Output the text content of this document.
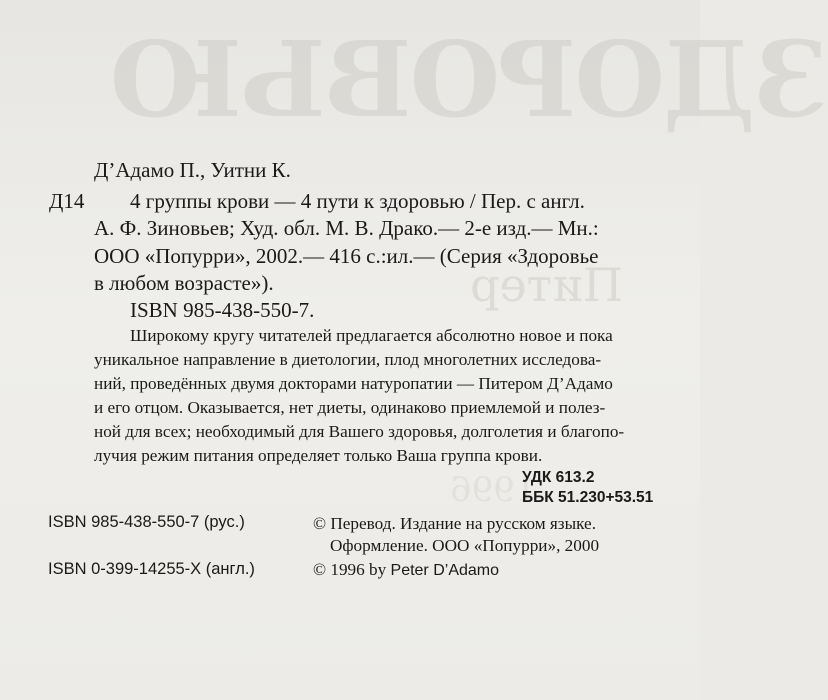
ЗДОРОВЬЮ
Питер
1996
Д’Адамо П., Уитни К.
Д14 4 группы крови — 4 пути к здоровью / Пер. с англ.
А. Ф. Зиновьев; Худ. обл. М. В. Драко.— 2-е изд.— Мн.:
ООО «Попурри», 2002.— 416 с.:ил.— (Серия «Здоровье
в любом возрасте»).
ISBN 985-438-550-7.
Широкому кругу читателей предлагается абсолютно новое и пока
уникальное направление в диетологии, плод многолетних исследова-
ний, проведённых двумя докторами натуропатии — Питером Д’Адамо
и его отцом. Оказывается, нет диеты, одинаково приемлемой и полез-
ной для всех; необходимый для Вашего здоровья, долголетия и благопо-
лучия режим питания определяет только Ваша группа крови.
УДК 613.2
ББК 51.230+53.51
ISBN 985-438-550-7 (рус.)	© Перевод. Издание на русском языке.
Оформление. ООО «Попурри», 2000
ISBN 0-399-14255-X (англ.)	© 1996 by Peter D’Adamo
